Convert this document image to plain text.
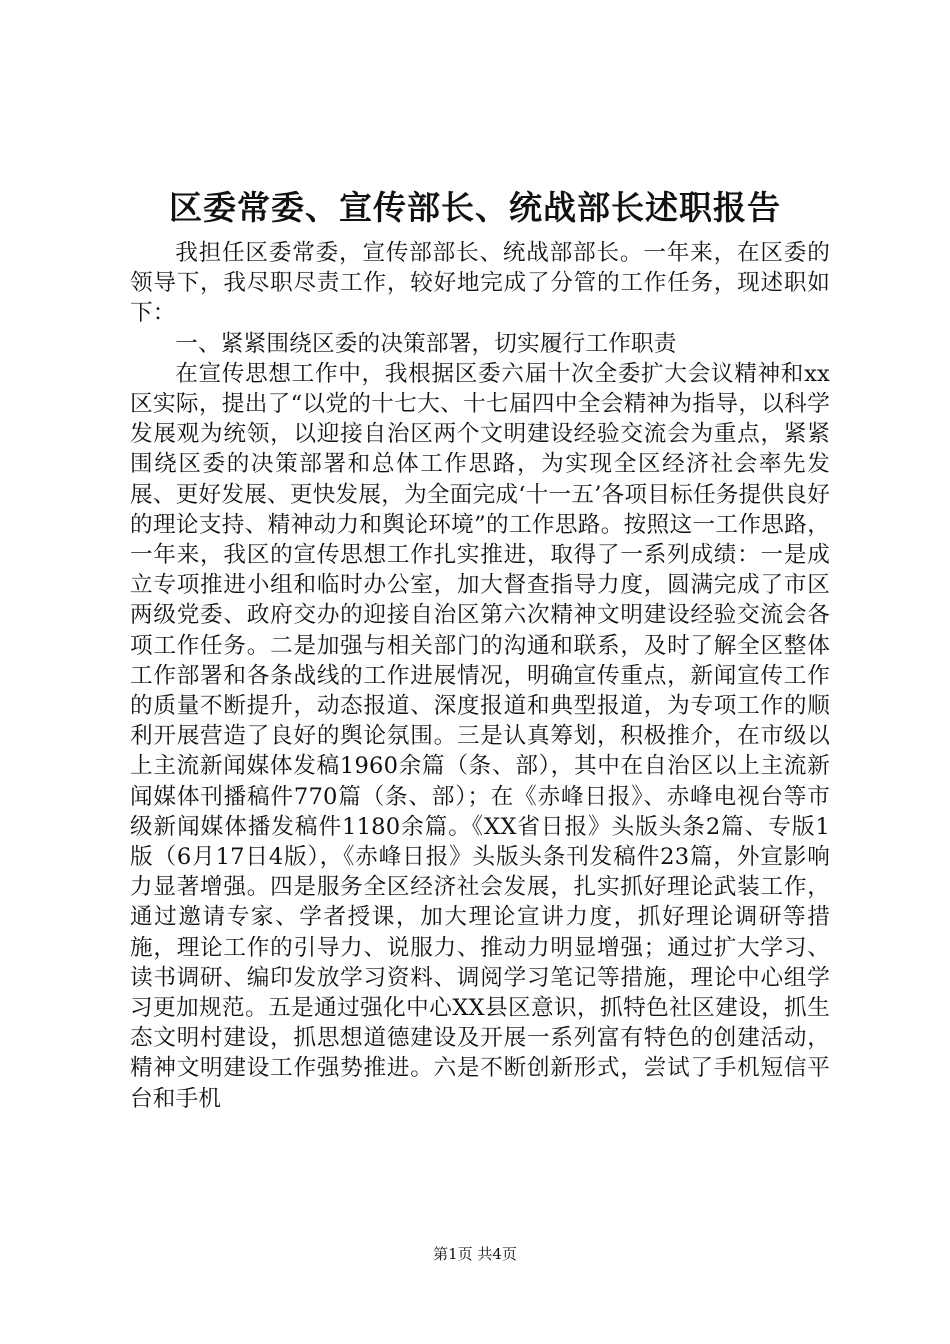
区委常委、宣传部长、统战部长述职报告

我担任区委常委，宣传部部长、统战部部长。一年来，在区委的领导下，我尽职尽责工作，较好地完成了分管的工作任务，现述职如下：

一、紧紧围绕区委的决策部署，切实履行工作职责

在宣传思想工作中，我根据区委六届十次全委扩大会议精神和xx区实际，提出了“以党的十七大、十七届四中全会精神为指导，以科学发展观为统领，以迎接自治区两个文明建设经验交流会为重点，紧紧围绕区委的决策部署和总体工作思路，为实现全区经济社会率先发展、更好发展、更快发展，为全面完成‘十一五’各项目标任务提供良好的理论支持、精神动力和舆论环境”的工作思路。按照这一工作思路，一年来，我区的宣传思想工作扎实推进，取得了一系列成绩：一是成立专项推进小组和临时办公室，加大督查指导力度，圆满完成了市区两级党委、政府交办的迎接自治区第六次精神文明建设经验交流会各项工作任务。二是加强与相关部门的沟通和联系，及时了解全区整体工作部署和各条战线的工作进展情况，明确宣传重点，新闻宣传工作的质量不断提升，动态报道、深度报道和典型报道，为专项工作的顺利开展营造了良好的舆论氛围。三是认真筹划，积极推介，在市级以上主流新闻媒体发稿1960余篇（条、部），其中在自治区以上主流新闻媒体刊播稿件770篇（条、部）；在《赤峰日报》、赤峰电视台等市级新闻媒体播发稿件1180余篇。《XX省日报》头版头条2篇、专版1版（6月17日4版），《赤峰日报》头版头条刊发稿件23篇，外宣影响力显著增强。四是服务全区经济社会发展，扎实抓好理论武装工作，通过邀请专家、学者授课，加大理论宣讲力度，抓好理论调研等措施，理论工作的引导力、说服力、推动力明显增强；通过扩大学习、读书调研、编印发放学习资料、调阅学习笔记等措施，理论中心组学习更加规范。五是通过强化中心XX县区意识，抓特色社区建设，抓生态文明村建设，抓思想道德建设及开展一系列富有特色的创建活动，精神文明建设工作强势推进。六是不断创新形式，尝试了手机短信平台和手机

第1页 共4页
